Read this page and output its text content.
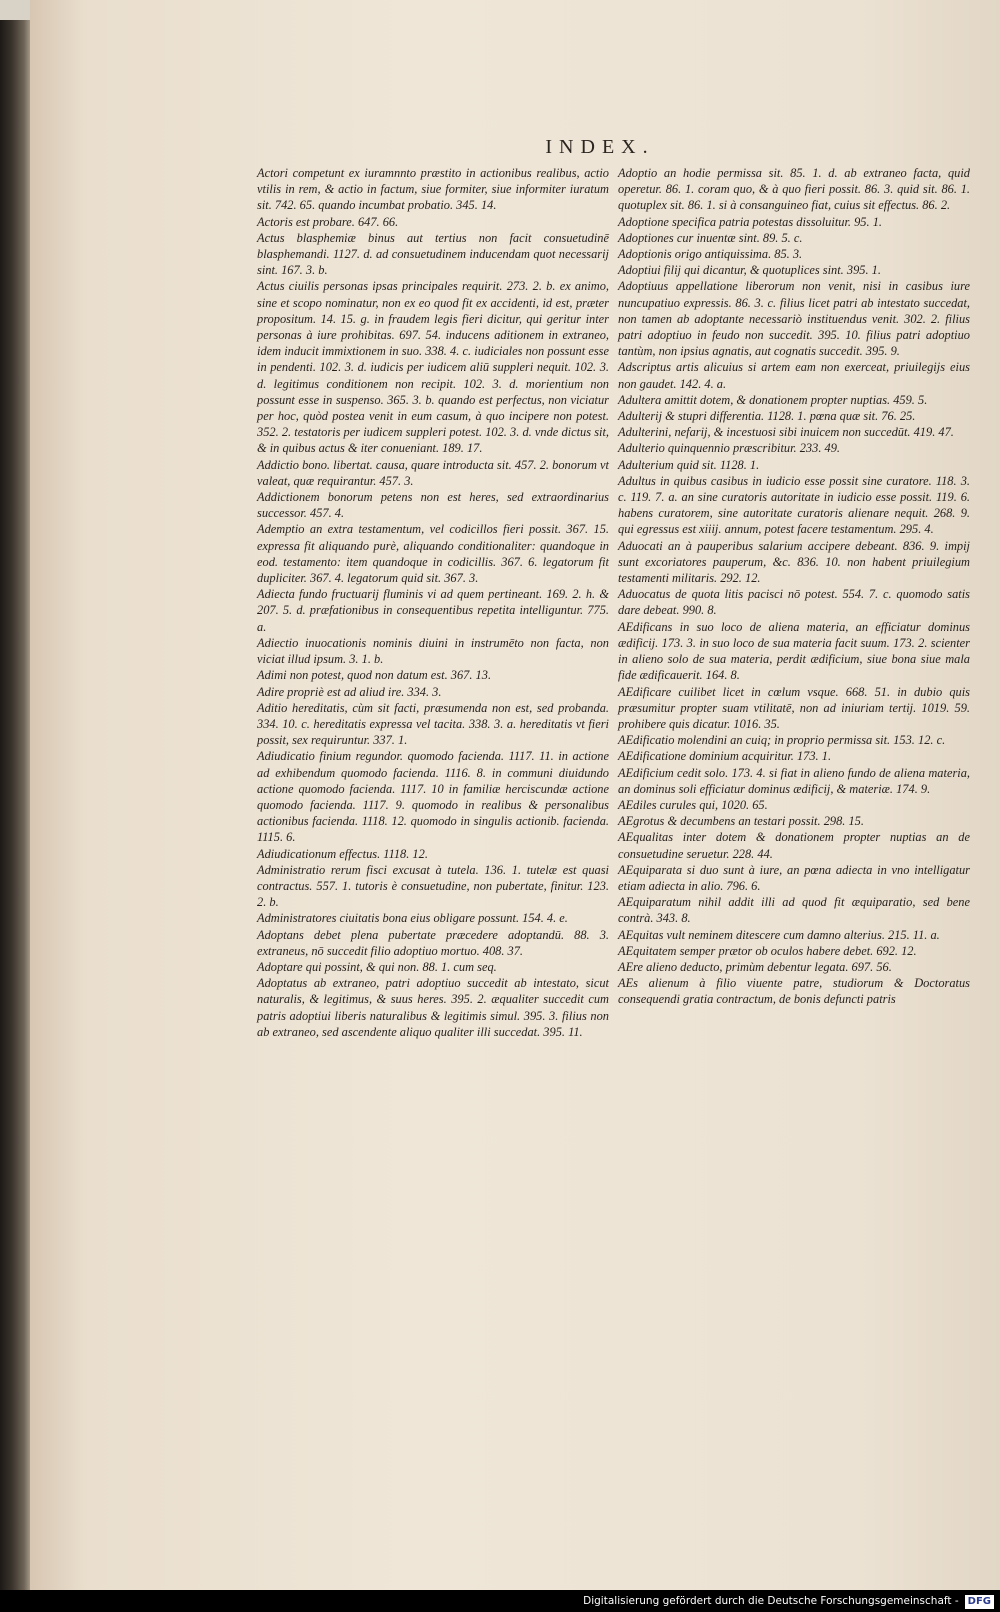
INDEX.

Actori competunt ex iuramnnto præstito in actionibus realibus, actio vtilis in rem, & actio in factum, siue formiter, siue informiter iuratum sit. 742. 65. quando incumbat probatio. 345. 14.

Actoris est probare. 647. 66.

Actus blasphemiæ binus aut tertius non facit consuetudinē blasphemandi. 1127. d. ad consuetudinem inducendam quot necessarij sint. 167. 3. b.

Actus ciuilis personas ipsas principales requirit. 273. 2. b. ex animo, sine et scopo nominatur, non ex eo quod fit ex accidenti, id est, præter propositum. 14. 15. g. in fraudem legis fieri dicitur, qui geritur inter personas à iure prohibitas. 697. 54. inducens aditionem in extraneo, idem inducit immixtionem in suo. 338. 4. c. iudiciales non possunt esse in pendenti. 102. 3. d. iudicis per iudicem aliū suppleri nequit. 102. 3. d. legitimus conditionem non recipit. 102. 3. d. morientium non possunt esse in suspenso. 365. 3. b. quando est perfectus, non viciatur per hoc, quòd postea venit in eum casum, à quo incipere non potest. 352. 2. testatoris per iudicem suppleri potest. 102. 3. d. vnde dictus sit, & in quibus actus & iter conueniant. 189. 17.

Addictio bono. libertat. causa, quare introducta sit. 457. 2. bonorum vt valeat, quæ requirantur. 457. 3.

Addictionem bonorum petens non est heres, sed extraordinarius successor. 457. 4.

Ademptio an extra testamentum, vel codicillos fieri possit. 367. 15. expressa fit aliquando purè, aliquando conditionaliter: quandoque in eod. testamento: item quandoque in codicillis. 367. 6. legatorum fit dupliciter. 367. 4. legatorum quid sit. 367. 3.

Adiecta fundo fructuarij fluminis vi ad quem pertineant. 169. 2. h. & 207. 5. d. præfationibus in consequentibus repetita intelliguntur. 775. a.

Adiectio inuocationis nominis diuini in instrumēto non facta, non viciat illud ipsum. 3. 1. b.

Adimi non potest, quod non datum est. 367. 13.

Adire propriè est ad aliud ire. 334. 3.

Aditio hereditatis, cùm sit facti, præsumenda non est, sed probanda. 334. 10. c. hereditatis expressa vel tacita. 338. 3. a. hereditatis vt fieri possit, sex requiruntur. 337. 1.

Adiudicatio finium regundor. quomodo facienda. 1117. 11. in actione ad exhibendum quomodo facienda. 1116. 8. in communi diuidundo actione quomodo facienda. 1117. 10 in familiæ herciscundæ actione quomodo facienda. 1117. 9. quomodo in realibus & personalibus actionibus facienda. 1118. 12. quomodo in singulis actionib. facienda. 1115. 6.

Adiudicationum effectus. 1118. 12.

Administratio rerum fisci excusat à tutela. 136. 1. tutelæ est quasi contractus. 557. 1. tutoris è consuetudine, non pubertate, finitur. 123. 2. b.

Administratores ciuitatis bona eius obligare possunt. 154. 4. e.

Adoptans debet plena pubertate præcedere adoptandū. 88. 3. extraneus, nō succedit filio adoptiuo mortuo. 408. 37.

Adoptare qui possint, & qui non. 88. 1. cum seq.

Adoptatus ab extraneo, patri adoptiuo succedit ab intestato, sicut naturalis, & legitimus, & suus heres. 395. 2. æqualiter succedit cum patris adoptiui liberis naturalibus & legitimis simul. 395. 3. filius non ab extraneo, sed ascendente aliquo qualiter illi succedat. 395. 11.

Adoptio an hodie permissa sit. 85. 1. d. ab extraneo facta, quid operetur. 86. 1. coram quo, & à quo fieri possit. 86. 3. quid sit. 86. 1. quotuplex sit. 86. 1. si à consanguineo fiat, cuius sit effectus. 86. 2.

Adoptione specifica patria potestas dissoluitur. 95. 1.

Adoptiones cur inuentæ sint. 89. 5. c.

Adoptionis origo antiquissima. 85. 3.

Adoptiui filij qui dicantur, & quotuplices sint. 395. 1.

Adoptiuus appellatione liberorum non venit, nisi in casibus iure nuncupatiuo expressis. 86. 3. c. filius licet patri ab intestato succedat, non tamen ab adoptante necessariò instituendus venit. 302. 2. filius patri adoptiuo in feudo non succedit. 395. 10. filius patri adoptiuo tantùm, non ipsius agnatis, aut cognatis succedit. 395. 9.

Adscriptus artis alicuius si artem eam non exerceat, priuilegijs eius non gaudet. 142. 4. a.

Adultera amittit dotem, & donationem propter nuptias. 459. 5.

Adulterij & stupri differentia. 1128. 1. pœna quæ sit. 76. 25.

Adulterini, nefarij, & incestuosi sibi inuicem non succedūt. 419. 47.

Adulterio quinquennio præscribitur. 233. 49.

Adulterium quid sit. 1128. 1.

Adultus in quibus casibus in iudicio esse possit sine curatore. 118. 3. c. 119. 7. a. an sine curatoris autoritate in iudicio esse possit. 119. 6. habens curatorem, sine autoritate curatoris alienare nequit. 268. 9. qui egressus est xiiij. annum, potest facere testamentum. 295. 4.

Aduocati an à pauperibus salarium accipere debeant. 836. 9. impij sunt excoriatores pauperum, &c. 836. 10. non habent priuilegium testamenti militaris. 292. 12.

Aduocatus de quota litis pacisci nō potest. 554. 7. c. quomodo satis dare debeat. 990. 8.

AEdificans in suo loco de aliena materia, an efficiatur dominus ædificij. 173. 3. in suo loco de sua materia facit suum. 173. 2. scienter in alieno solo de sua materia, perdit ædificium, siue bona siue mala fide ædificauerit. 164. 8.

AEdificare cuilibet licet in cœlum vsque. 668. 51. in dubio quis præsumitur propter suam vtilitatē, non ad iniuriam tertij. 1019. 59. prohibere quis dicatur. 1016. 35.

AEdificatio molendini an cuiq; in proprio permissa sit. 153. 12. c.

AEdificatione dominium acquiritur. 173. 1.

AEdificium cedit solo. 173. 4. si fiat in alieno fundo de aliena materia, an dominus soli efficiatur dominus ædificij, & materiæ. 174. 9.

AEdiles curules qui, 1020. 65.

AEgrotus & decumbens an testari possit. 298. 15.

AEqualitas inter dotem & donationem propter nuptias an de consuetudine seruetur. 228. 44.

AEquiparata si duo sunt à iure, an pœna adiecta in vno intelligatur etiam adiecta in alio. 796. 6.

AEquiparatum nihil addit illi ad quod fit æquiparatio, sed bene contrà. 343. 8.

AEquitas vult neminem ditescere cum damno alterius. 215. 11. a.

AEquitatem semper prætor ob oculos habere debet. 692. 12.

AEre alieno deducto, primùm debentur legata. 697. 56.

AEs alienum à filio viuente patre, studiorum & Doctoratus consequendi gratia contractum, de bonis defuncti patris

Digitalisierung gefördert durch die Deutsche Forschungsgemeinschaft - DFG
